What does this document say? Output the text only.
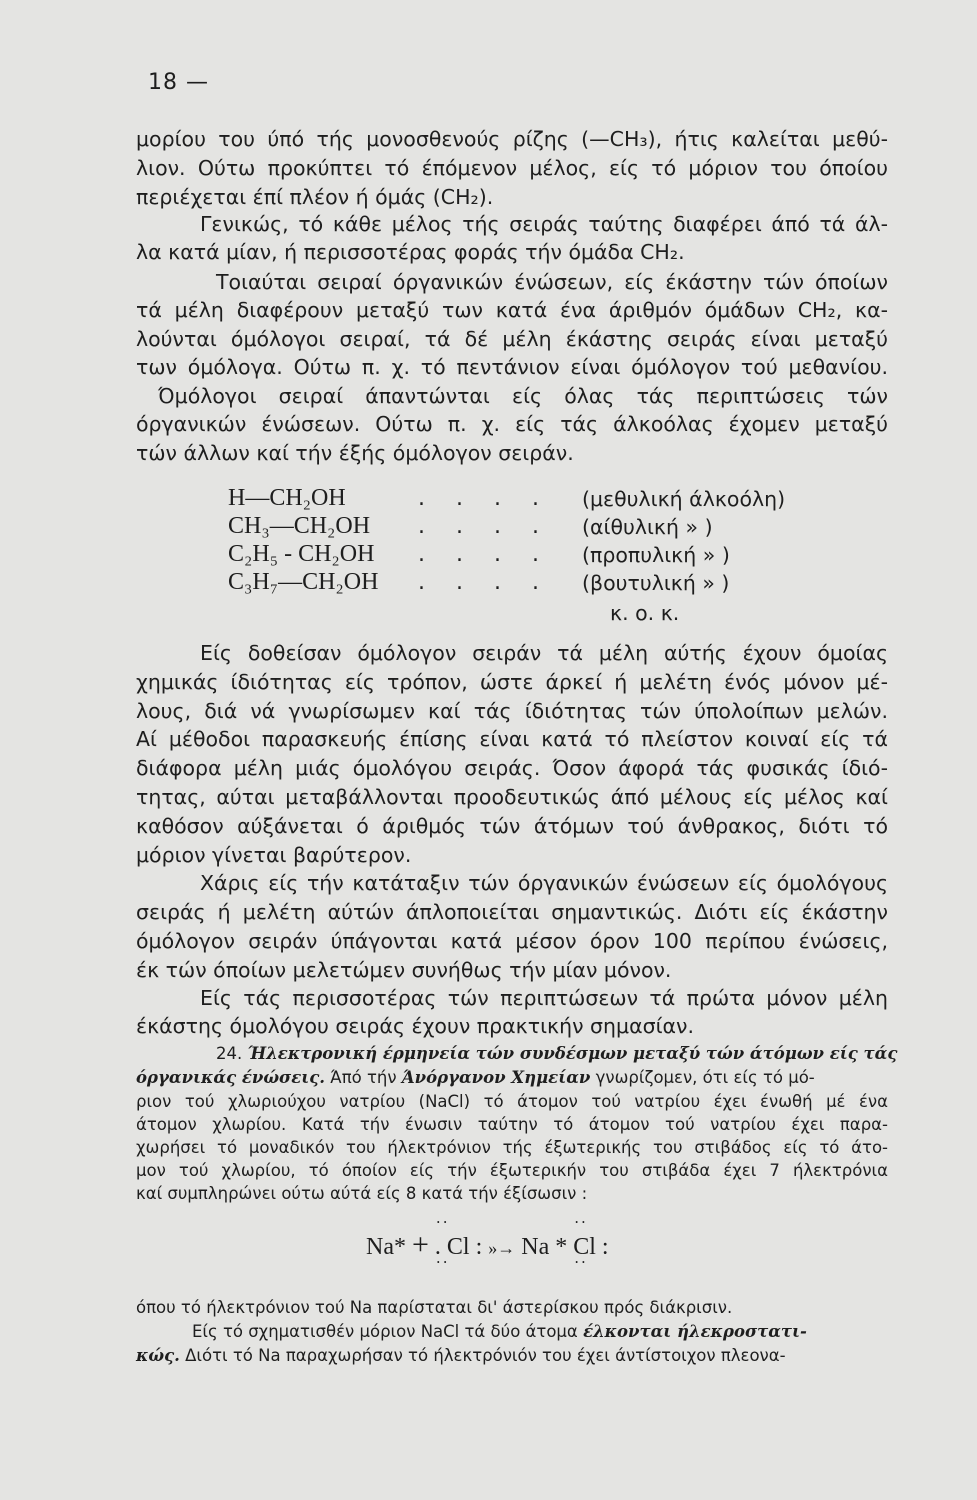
18 —
μορίου του ύπό τής μονοσθενούς ρίζης (—CH₃), ήτις καλείται μεθύ-
λιον. Ούτω προκύπτει τό έπόμενον μέλος, είς τό μόριον του όποίου
περιέχεται έπί πλέον ή όμάς (CH₂).
Γενικώς, τό κάθε μέλος τής σειράς ταύτης διαφέρει άπό τά άλ-
λα κατά μίαν, ή περισσοτέρας φοράς τήν όμάδα CH₂.
Τοιαύται σειραί όργανικών ένώσεων, είς έκάστην τών όποίων
τά μέλη διαφέρουν μεταξύ των κατά ένα άριθμόν όμάδων CH₂, κα-
λούνται όμόλογοι σειραί, τά δέ μέλη έκάστης σειράς είναι μεταξύ
των όμόλογα. Ούτω π. χ. τό πεντάνιον είναι όμόλογον τού μεθανίου.
Όμόλογοι σειραί άπαντώνται είς όλας τάς περιπτώσεις τών
όργανικών ένώσεων. Ούτω π. χ. είς τάς άλκοόλας έχομεν μεταξύ
τών άλλων καί τήν έξής όμόλογον σειράν.
H—CH₂OH	. . . . (μεθυλική άλκοόλη)
CH₃—CH₂OH . . . . (αίθυλική » )
C₂H₅ - CH₂OH . . . . (προπυλική » )
C₃H₇—CH₂OH . . . . (βουτυλική » )
κ. ο. κ.
Είς δοθείσαν όμόλογον σειράν τά μέλη αύτής έχουν όμοίας
χημικάς ίδιότητας είς τρόπον, ώστε άρκεί ή μελέτη ένός μόνον μέ-
λους, διά νά γνωρίσωμεν καί τάς ίδιότητας τών ύπολοίπων μελών.
Αί μέθοδοι παρασκευής έπίσης είναι κατά τό πλείστον κοιναί είς τά
διάφορα μέλη μιάς όμολόγου σειράς. Όσον άφορά τάς φυσικάς ίδιό-
τητας, αύται μεταβάλλονται προοδευτικώς άπό μέλους είς μέλος καί
καθόσον αύξάνεται ό άριθμός τών άτόμων τού άνθρακος, διότι τό
μόριον γίνεται βαρύτερον.
Χάρις είς τήν κατάταξιν τών όργανικών ένώσεων είς όμολόγους
σειράς ή μελέτη αύτών άπλοποιείται σημαντικώς. Διότι είς έκάστην
όμόλογον σειράν ύπάγονται κατά μέσον όρον 100 περίπου ένώσεις,
έκ τών όποίων μελετώμεν συνήθως τήν μίαν μόνον.
Είς τάς περισσοτέρας τών περιπτώσεων τά πρώτα μόνον μέλη
έκάστης όμολόγου σειράς έχουν πρακτικήν σημασίαν.
24. Ήλεκτρονική έρμηνεία τών συνδέσμων μεταξύ τών άτόμων είς τάς
όργανικάς ένώσεις. Άπό τήν Άνόργανον Χημείαν γνωρίζομεν, ότι είς τό μό-
ριον τού χλωριούχου νατρίου (NaCl) τό άτομον τού νατρίου έχει ένωθή μέ ένα
άτομον χλωρίου. Κατά τήν ένωσιν ταύτην τό άτομον τού νατρίου έχει παρα-
χωρήσει τό μοναδικόν του ήλεκτρόνιον τής έξωτερικής του στιβάδος είς τό άτο-
μον τού χλωρίου, τό όποίον είς τήν έξωτερικήν του στιβάδα έχει 7 ήλεκτρόνια
καί συμπληρώνει ούτω αύτά είς 8 κατά τήν έξίσωσιν :
Na* + • • . Cl : • • »→ Na * • • Cl : • •
όπου τό ήλεκτρόνιον τού Na παρίσταται δι' άστερίσκου πρός διάκρισιν.
Είς τό σχηματισθέν μόριον NaCl τά δύο άτομα έλκονται ήλεκροστατι-
κώς. Διότι τό Na παραχωρήσαν τό ήλεκτρόνιόν του έχει άντίστοιχον πλεονα-
